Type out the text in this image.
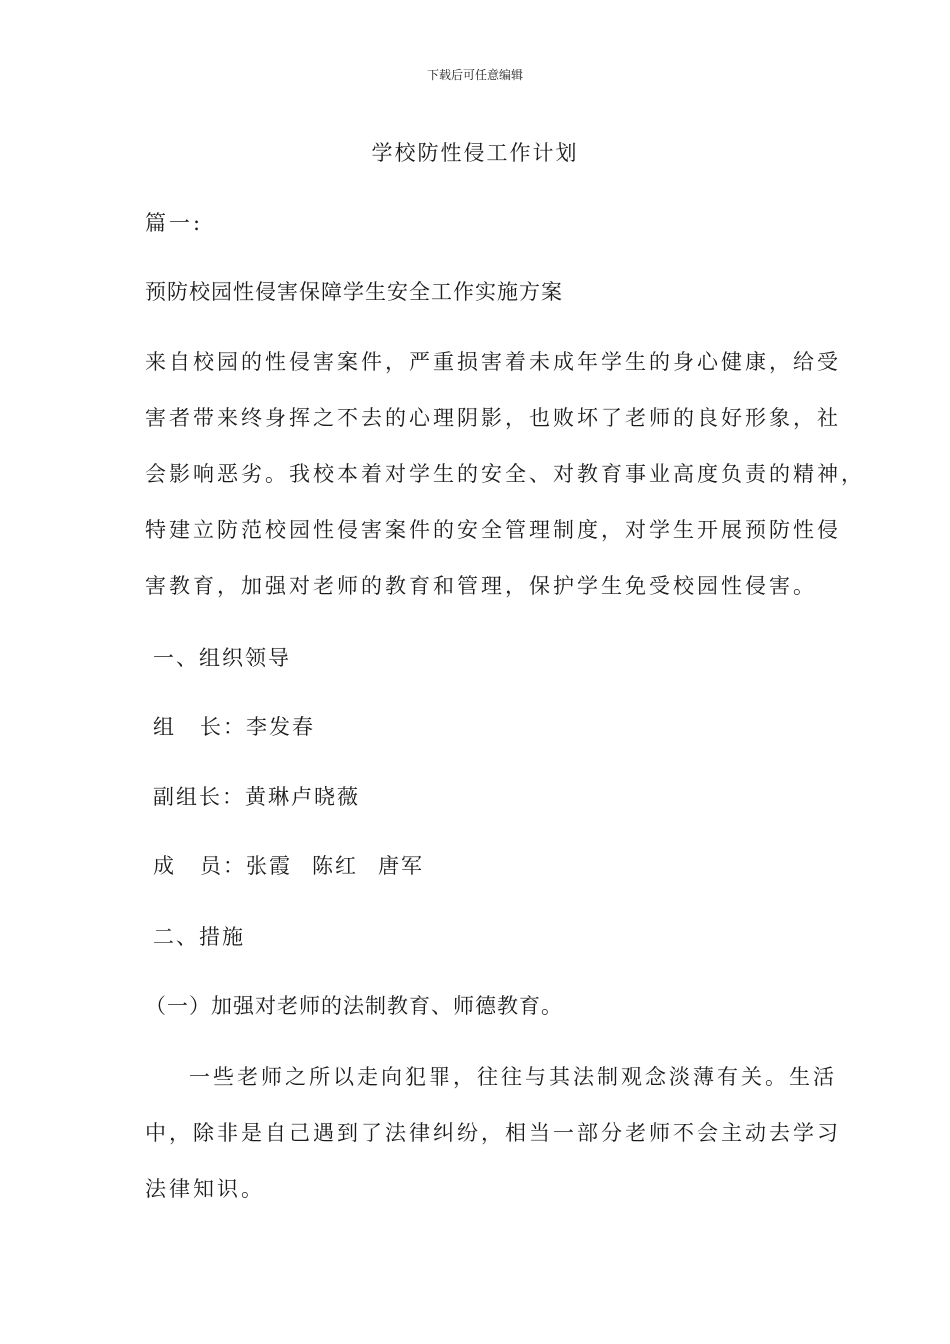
下载后可任意编辑
学校防性侵工作计划
篇一:
预防校园性侵害保障学生安全工作实施方案
来自校园的性侵害案件，严重损害着未成年学生的身心健康，给受
害者带来终身挥之不去的心理阴影，也败坏了老师的良好形象，社
会影响恶劣。我校本着对学生的安全、对教育事业高度负责的精神，
特建立防范校园性侵害案件的安全管理制度，对学生开展预防性侵
害教育，加强对老师的教育和管理，保护学生免受校园性侵害。
一、组织领导
组 长：李发春
副组长：黄琳卢晓薇
成 员：张霞 陈红 唐军
二、措施
（一）加强对老师的法制教育、师德教育。
一些老师之所以走向犯罪，往往与其法制观念淡薄有关。生活
中，除非是自己遇到了法律纠纷，相当一部分老师不会主动去学习
法律知识。
